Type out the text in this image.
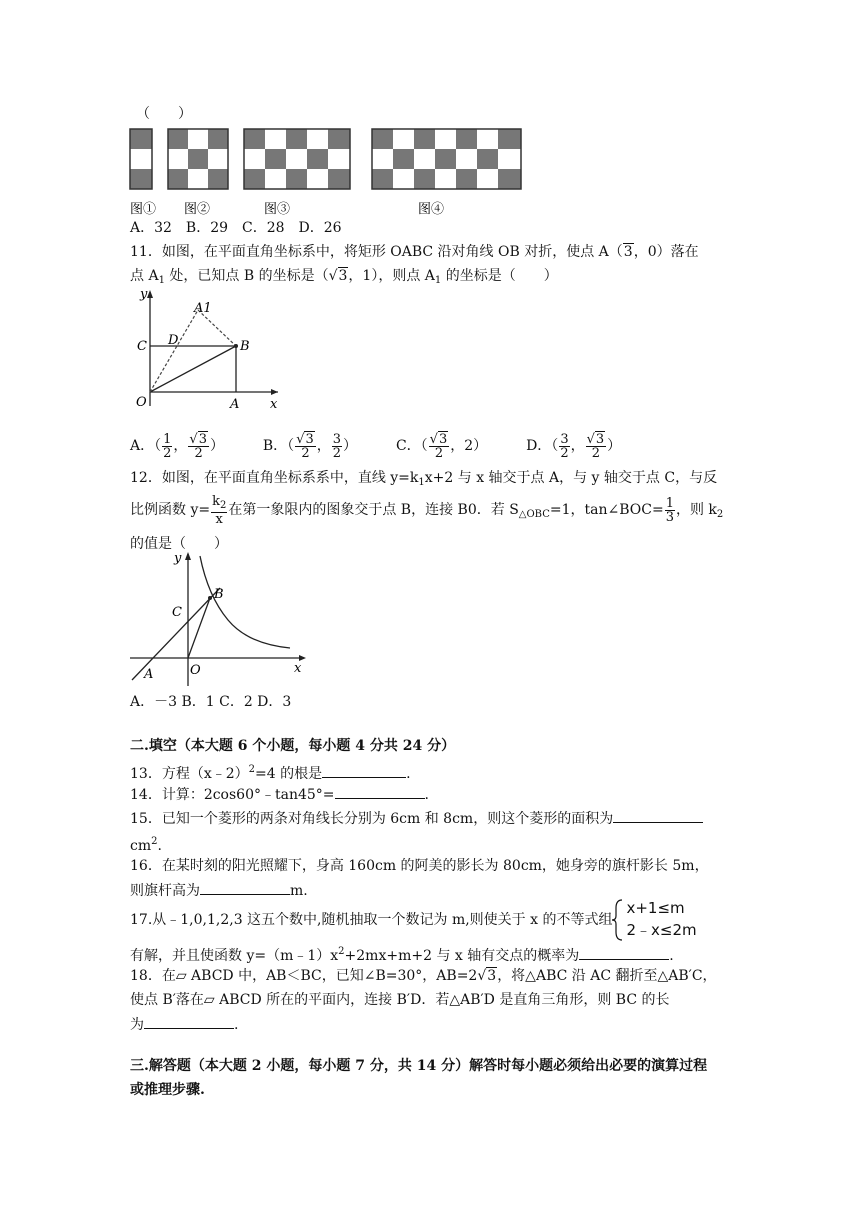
（　　）
图① 图②	图③	图④
A．32　B．29　C．28　D．26
11．如图，在平面直角坐标系中，将矩形 OABC 沿对角线 OB 对折，使点 A（3，0）落在
点 $A_1$ 处，已知点 B 的坐标是（√3，1），则点 $A_1$ 的坐标是（　　）
y
x
O	A
B
C D
A1
A．（ $\frac{1}{2}$ ， $\frac{√3}{2}$ ）	B．（ $\frac{√3}{2}$ ， $\frac{3}{2}$ ）	C．（ $\frac{√3}{2}$ ，2）	D．（ $\frac{3}{2}$ ， $\frac{√3}{2}$ ）
12．如图，在平面直角坐标系系中，直线 $y=k_1x+2$ 与 x 轴交于点 A，与 y 轴交于点 C，与反
比例函数 $y= \frac{k_2}{x}$ 在第一象限内的图象交于点 B，连接 B0．若 $S_{\triangle OBC}=1$，tan∠BOC= $\frac{1}{3}$ ，则 $k_2$
的值是（　　）
y
x
O
A
B
C
A．－3 B．1 C．2 D．3
二.填空（本大题 6 个小题，每小题 4 分共 24 分）
13．方程（x﹣2）$^2$=4 的根是	.
14．计算：2cos60°﹣tan45°=	.
15．已知一个菱形的两条对角线长分别为 6cm 和 8cm，则这个菱形的面积为
$cm^2$.
16．在某时刻的阳光照耀下，身高 160cm 的阿美的影长为 80cm，她身旁的旗杆影长 5m，
则旗杆高为	m.
17.从﹣1,0,1,2,3 这五个数中,随机抽取一个数记为 m,则使关于 x 的不等式组
x+1≤m
2﹣x≤2m
有解，并且使函数 $y=(m﹣1)x^2+2mx+m+2$ 与 x 轴有交点的概率为	.
18．在▱ ABCD 中，AB＜BC，已知∠B=30°，AB=2√3，将△ABC 沿 AC 翻折至△AB′C，
使点 B′落在▱ ABCD 所在的平面内，连接 B′D．若△AB′D 是直角三角形，则 BC 的长
为	.
三.解答题（本大题 2 小题，每小题 7 分，共 14 分）解答时每小题必须给出必要的演算过程
或推理步骤.
